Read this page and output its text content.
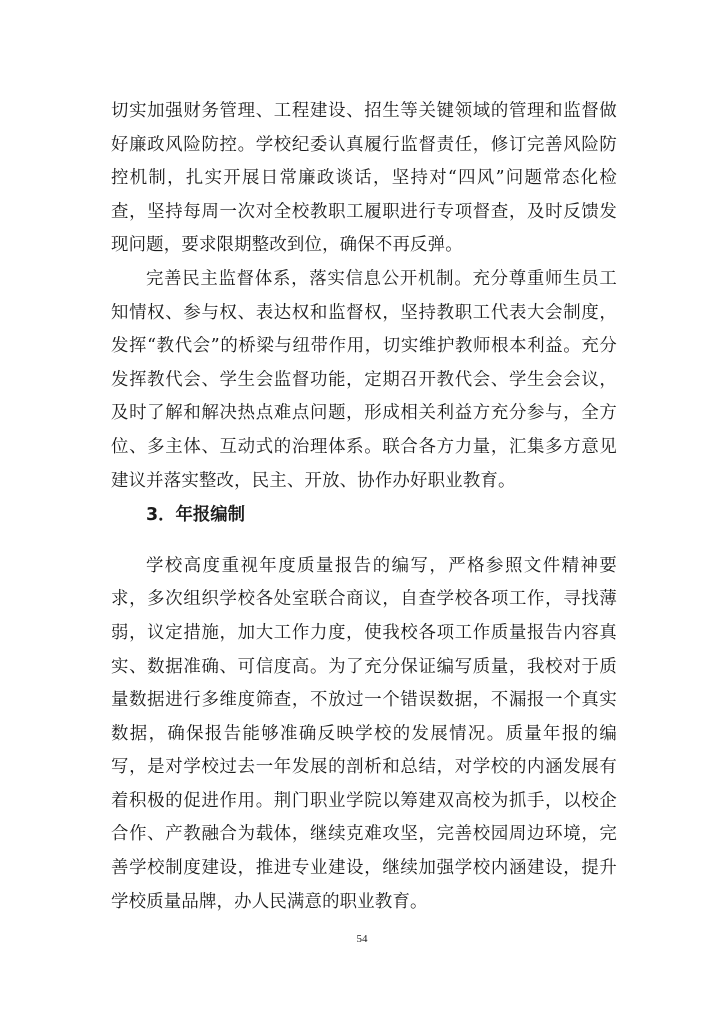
切实加强财务管理、工程建设、招生等关键领域的管理和监督做好廉政风险防控。学校纪委认真履行监督责任，修订完善风险防控机制，扎实开展日常廉政谈话，坚持对“四风”问题常态化检查，坚持每周一次对全校教职工履职进行专项督查，及时反馈发现问题，要求限期整改到位，确保不再反弹。

完善民主监督体系，落实信息公开机制。充分尊重师生员工知情权、参与权、表达权和监督权，坚持教职工代表大会制度，发挥“教代会”的桥梁与纽带作用，切实维护教师根本利益。充分发挥教代会、学生会监督功能，定期召开教代会、学生会会议，及时了解和解决热点难点问题，形成相关利益方充分参与，全方位、多主体、互动式的治理体系。联合各方力量，汇集多方意见建议并落实整改，民主、开放、协作办好职业教育。

3．年报编制

学校高度重视年度质量报告的编写，严格参照文件精神要求，多次组织学校各处室联合商议，自查学校各项工作，寻找薄弱，议定措施，加大工作力度，使我校各项工作质量报告内容真实、数据准确、可信度高。为了充分保证编写质量，我校对于质量数据进行多维度筛查，不放过一个错误数据，不漏报一个真实数据，确保报告能够准确反映学校的发展情况。质量年报的编写，是对学校过去一年发展的剖析和总结，对学校的内涵发展有着积极的促进作用。荆门职业学院以筹建双高校为抓手，以校企合作、产教融合为载体，继续克难攻坚，完善校园周边环境，完善学校制度建设，推进专业建设，继续加强学校内涵建设，提升学校质量品牌，办人民满意的职业教育。

54
